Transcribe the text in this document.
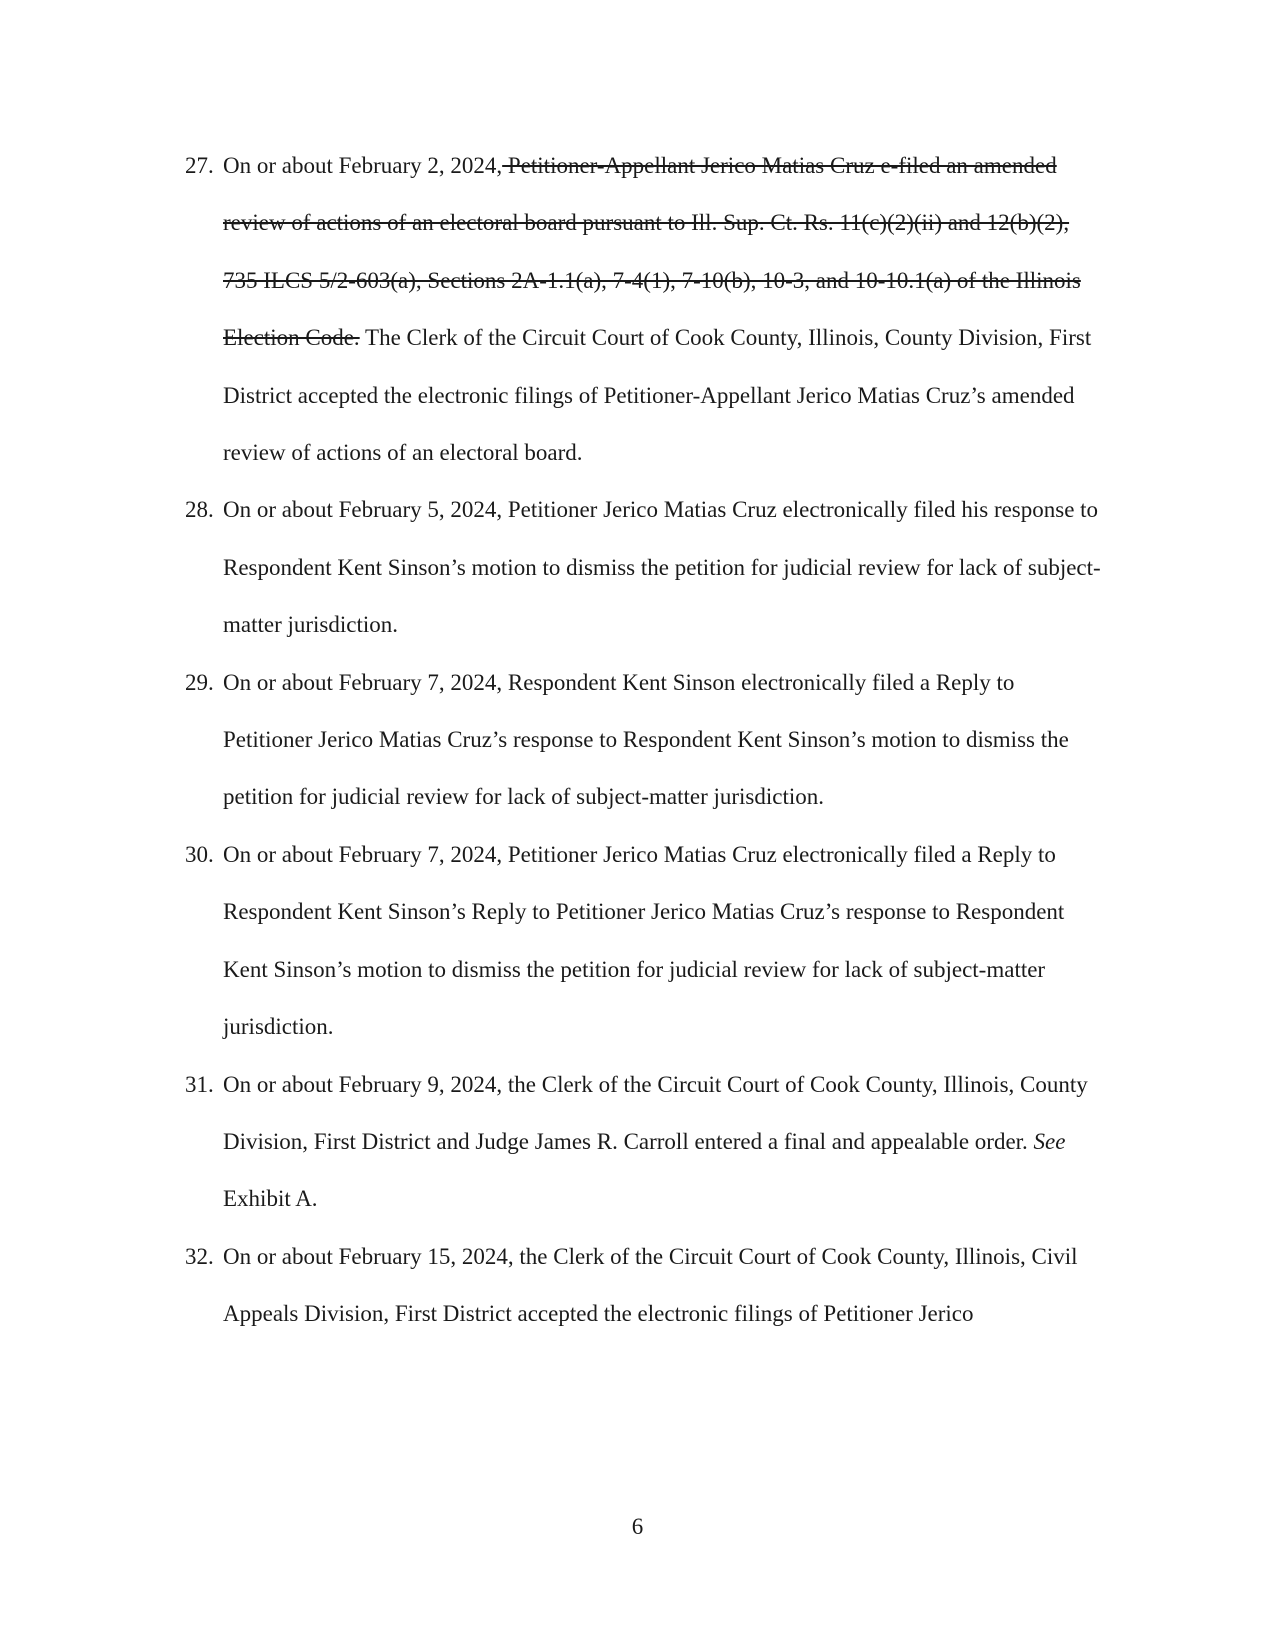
27. On or about February 2, 2024, Petitioner-Appellant Jerico Matias Cruz e-filed an amended review of actions of an electoral board pursuant to Ill. Sup. Ct. Rs. 11(c)(2)(ii) and 12(b)(2), 735 ILCS 5/2-603(a), Sections 2A-1.1(a), 7-4(1), 7-10(b), 10-3, and 10-10.1(a) of the Illinois Election Code. The Clerk of the Circuit Court of Cook County, Illinois, County Division, First District accepted the electronic filings of Petitioner-Appellant Jerico Matias Cruz’s amended review of actions of an electoral board.
28. On or about February 5, 2024, Petitioner Jerico Matias Cruz electronically filed his response to Respondent Kent Sinson’s motion to dismiss the petition for judicial review for lack of subject-matter jurisdiction.
29. On or about February 7, 2024, Respondent Kent Sinson electronically filed a Reply to Petitioner Jerico Matias Cruz’s response to Respondent Kent Sinson’s motion to dismiss the petition for judicial review for lack of subject-matter jurisdiction.
30. On or about February 7, 2024, Petitioner Jerico Matias Cruz electronically filed a Reply to Respondent Kent Sinson’s Reply to Petitioner Jerico Matias Cruz’s response to Respondent Kent Sinson’s motion to dismiss the petition for judicial review for lack of subject-matter jurisdiction.
31. On or about February 9, 2024, the Clerk of the Circuit Court of Cook County, Illinois, County Division, First District and Judge James R. Carroll entered a final and appealable order. See Exhibit A.
32. On or about February 15, 2024, the Clerk of the Circuit Court of Cook County, Illinois, Civil Appeals Division, First District accepted the electronic filings of Petitioner Jerico
6
